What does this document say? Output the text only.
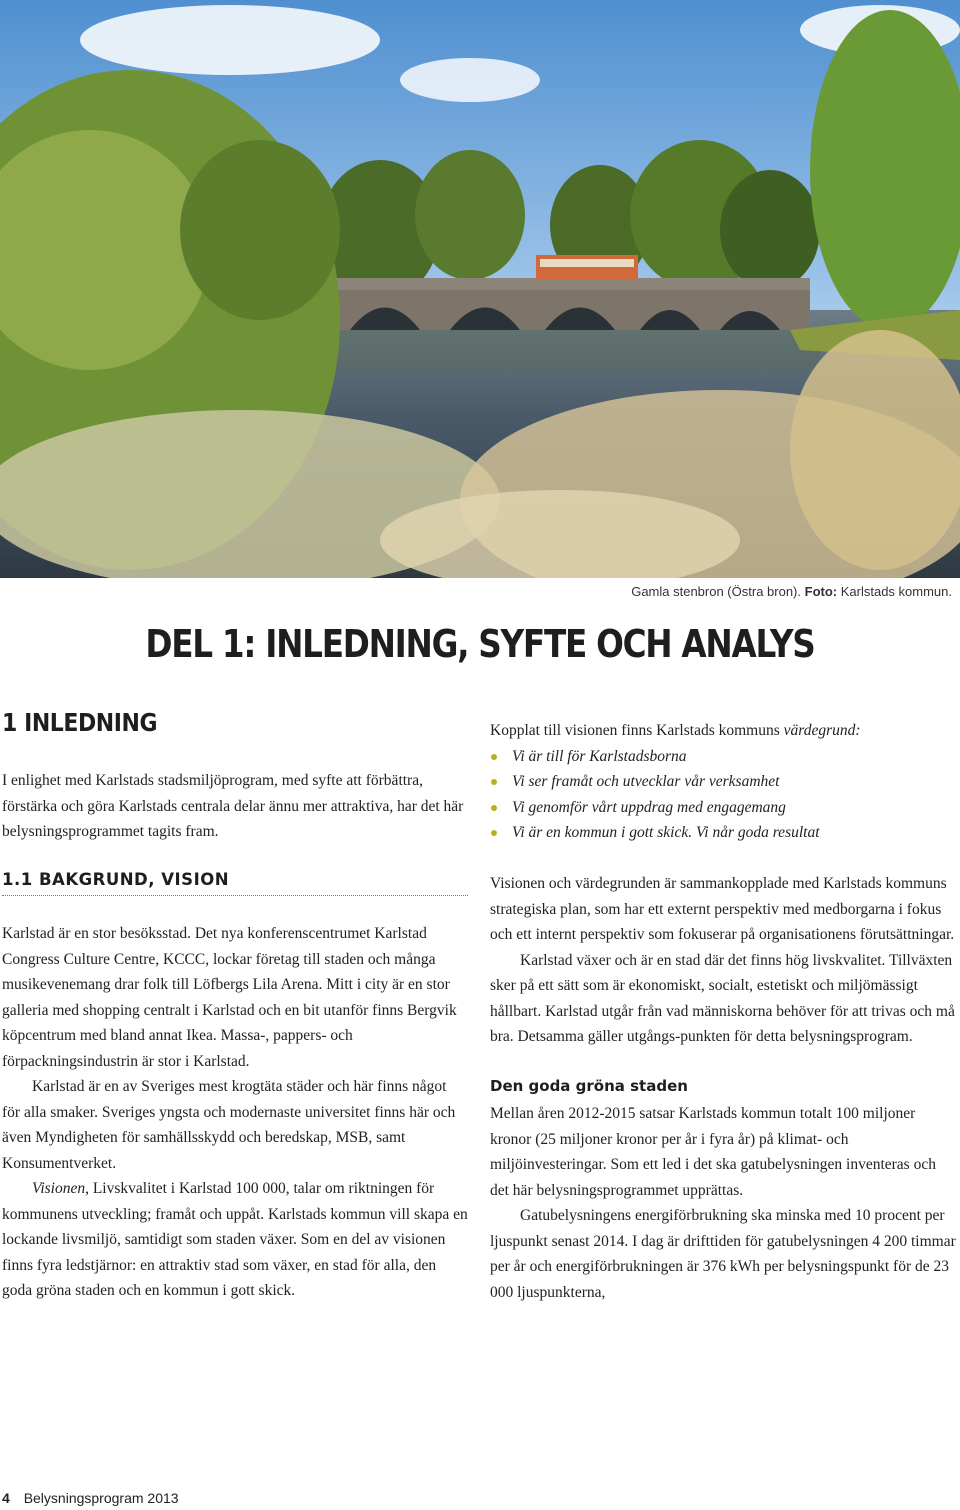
Gamla stenbron (Östra bron). Foto: Karlstads kommun.
DEL 1: INLEDNING, SYFTE OCH ANALYS
1 INLEDNING

I enlighet med Karlstads stadsmiljöprogram, med syfte att förbättra, förstärka och göra Karlstads centrala delar ännu mer attraktiva, har det här belysningsprogrammet tagits fram.

Kopplat till visionen finns Karlstads kommuns värdegrund:

Vi är till för Karlstadsborna
Vi ser framåt och utvecklar vår verksamhet
Vi genomför vårt uppdrag med engagemang
Vi är en kommun i gott skick. Vi når goda resultat
1.1 BAKGRUND, VISION

Karlstad är en stor besöksstad. Det nya konferenscentrumet Karlstad Congress Culture Centre, KCCC, lockar företag till staden och många musikevenemang drar folk till Löfbergs Lila Arena. Mitt i city är en stor galleria med shopping centralt i Karlstad och en bit utanför finns Bergvik köpcentrum med bland annat Ikea. Massa-, pappers- och förpackningsindustrin är stor i Karlstad.

Karlstad är en av Sveriges mest krogtäta städer och här finns något för alla smaker. Sveriges yngsta och modernaste universitet finns här och även Myndigheten för samhällsskydd och beredskap, MSB, samt Konsumentverket.

Visionen, Livskvalitet i Karlstad 100 000, talar om riktningen för kommunens utveckling; framåt och uppåt. Karlstads kommun vill skapa en lockande livsmiljö, samtidigt som staden växer. Som en del av visionen finns fyra ledstjärnor: en attraktiv stad som växer, en stad för alla, den goda gröna staden och en kommun i gott skick.

Visionen och värdegrunden är sammankopplade med Karlstads kommuns strategiska plan, som har ett externt perspektiv med medborgarna i fokus och ett internt perspektiv som fokuserar på organisationens förutsättningar.

Karlstad växer och är en stad där det finns hög livskvalitet. Tillväxten sker på ett sätt som är ekonomiskt, socialt, estetiskt och miljömässigt hållbart. Karlstad utgår från vad människorna behöver för att trivas och må bra. Detsamma gäller utgångs-punkten för detta belysningsprogram.

Den goda gröna staden

Mellan åren 2012-2015 satsar Karlstads kommun totalt 100 miljoner kronor (25 miljoner kronor per år i fyra år) på klimat- och miljöinvesteringar. Som ett led i det ska gatubelysningen inventeras och det här belysningsprogrammet upprättas.

Gatubelysningens energiförbrukning ska minska med 10 procent per ljuspunkt senast 2014. I dag är drifttiden för gatubelysningen 4 200 timmar per år och energiförbrukningen är 376 kWh per belysningspunkt för de 23 000 ljuspunkterna,

4 Belysningsprogram 2013
